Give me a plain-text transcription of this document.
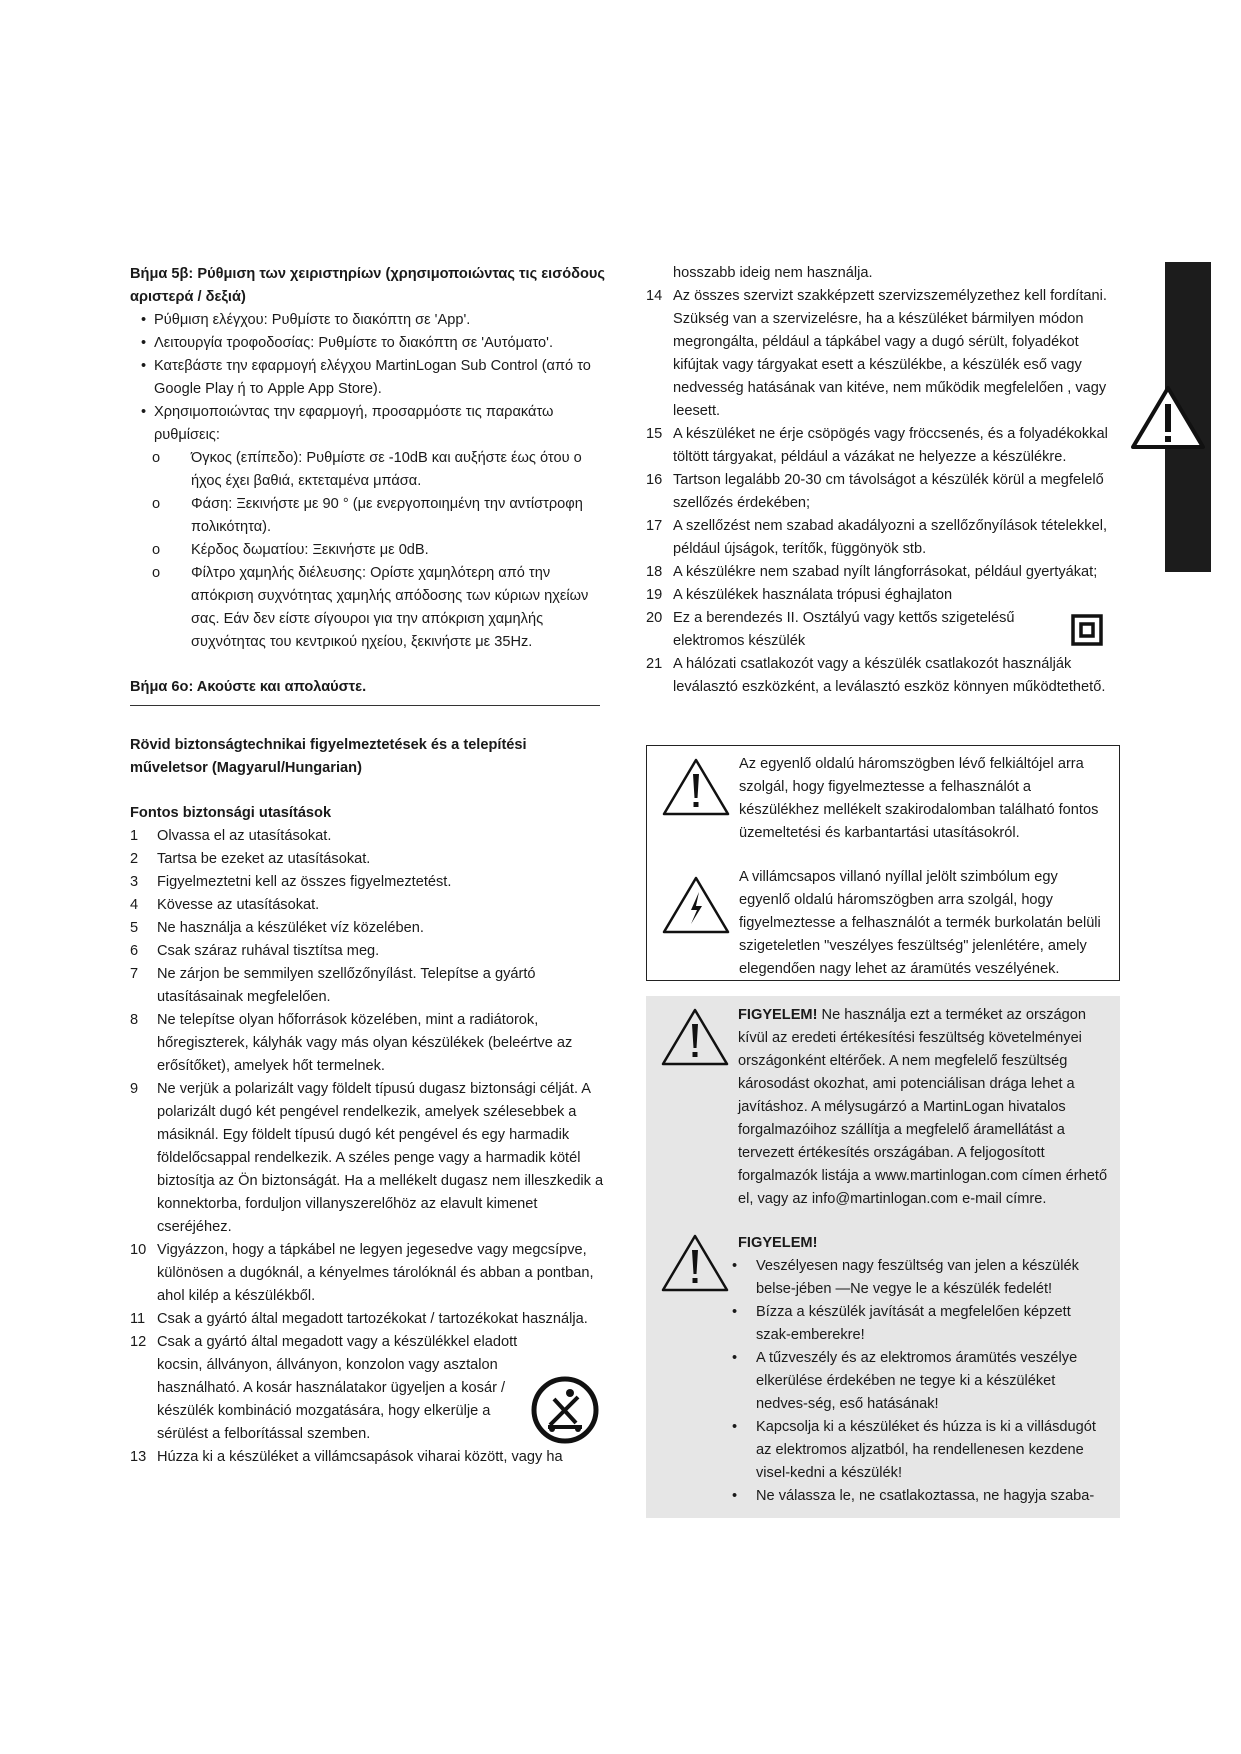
Βήμα 5β: Ρύθμιση των χειριστηρίων (χρησιμοποιώντας τις εισόδους αριστερά / δεξιά)

• Ρύθμιση ελέγχου: Ρυθμίστε το διακόπτη σε 'App'.

• Λειτουργία τροφοδοσίας: Ρυθμίστε το διακόπτη σε 'Αυτόματο'.

• Κατεβάστε την εφαρμογή ελέγχου MartinLogan Sub Control (από το Google Play ή το Apple App Store).

• Χρησιμοποιώντας την εφαρμογή, προσαρμόστε τις παρακάτω ρυθμίσεις:

o	Όγκος (επίπεδο): Ρυθμίστε σε -10dB και αυξήστε έως ότου ο ήχος έχει βαθιά, εκτεταμένα μπάσα.
o	Φάση: Ξεκινήστε με 90 ° (με ενεργοποιημένη την αντίστροφη πολικότητα).
o	Κέρδος δωματίου: Ξεκινήστε με 0dB.
o	Φίλτρο χαμηλής διέλευσης: Ορίστε χαμηλότερη από την απόκριση συχνότητας χαμηλής απόδοσης των κύριων ηχείων σας. Εάν δεν είστε σίγουροι για την απόκριση χαμηλής συχνότητας του κεντρικού ηχείου, ξεκινήστε με 35Hz.

Βήμα 6ο: Ακούστε και απολαύστε.

Rövid biztonságtechnikai figyelmeztetések és a telepítési műveletsor (Magyarul/Hungarian)

Fontos biztonsági utasítások

1	Olvassa el az utasításokat.
2	Tartsa be ezeket az utasításokat.
3	Figyelmeztetni kell az összes figyelmeztetést.
4	Kövesse az utasításokat.
5	Ne használja a készüléket víz közelében.
6	Csak száraz ruhával tisztítsa meg.
7	Ne zárjon be semmilyen szellőzőnyílást. Telepítse a gyártó utasításainak megfelelően.
8	Ne telepítse olyan hőforrások közelében, mint a radiátorok, hőregiszterek, kályhák vagy más olyan készülékek (beleértve az erősítőket), amelyek hőt termelnek.
9	Ne verjük a polarizált vagy földelt típusú dugasz biztonsági célját. A polarizált dugó két pengével rendelkezik, amelyek szélesebbek a másiknál. Egy földelt típusú dugó két pengével és egy harmadik földelőcsappal rendelkezik. A széles penge vagy a harmadik kötél biztosítja az Ön biztonságát. Ha a mellékelt dugasz nem illeszkedik a konnektorba, forduljon villanyszerelőhöz az elavult kimenet cseréjéhez.
10 Vigyázzon, hogy a tápkábel ne legyen jegesedve vagy megcsípve, különösen a dugóknál, a kényelmes tárolóknál és abban a pontban, ahol kilép a készülékből.
11 Csak a gyártó által megadott tartozékokat / tartozékokat használja.
12 Csak a gyártó által megadott vagy a készülékkel eladott kocsin, állványon, állványon, konzolon vagy asztalon használható. A kosár használatakor ügyeljen a kosár / készülék kombináció mozgatására, hogy elkerülje a sérülést a felborítással szemben.
13 Húzza ki a készüléket a villámcsapások viharai között, vagy ha

hosszabb ideig nem használja.

14 Az összes szervizt szakképzett szervizszemélyzethez kell fordítani. Szükség van a szervizelésre, ha a készüléket bármilyen módon megrongálta, például a tápkábel vagy a dugó sérült, folyadékot kifújtak vagy tárgyakat esett a készülékbe, a készülék eső vagy nedvesség hatásának van kitéve, nem működik megfelelően , vagy leesett.
15 A készüléket ne érje csöpögés vagy fröccsenés, és a folyadékokkal töltött tárgyakat, például a vázákat ne helyezze a készülékre.
16 Tartson legalább 20-30 cm távolságot a készülék körül a megfelelő szellőzés érdekében;
17 A szellőzést nem szabad akadályozni a szellőzőnyílások tételekkel, például újságok, terítők, függönyök stb.
18 A készülékre nem szabad nyílt lángforrásokat, például gyertyákat;
19 A készülékek használata trópusi éghajlaton
20 Ez a berendezés II. Osztályú vagy kettős szigetelésű elektromos készülék
21 A hálózati csatlakozót vagy a készülék csatlakozót használják leválasztó eszközként, a leválasztó eszköz könnyen működtethető.

Az egyenlő oldalú háromszögben lévő felkiáltójel arra szolgál, hogy figyelmeztesse a felhasználót a készülékhez mellékelt szakirodalomban található fontos üzemeltetési és karbantartási utasításokról.

A villámcsapos villanó nyíllal jelölt szimbólum egy egyenlő oldalú háromszögben arra szolgál, hogy figyelmeztesse a felhasználót a termék burkolatán belüli szigeteletlen "veszélyes feszültség" jelenlétére, amely elegendően nagy lehet az áramütés veszélyének.

FIGYELEM! Ne használja ezt a terméket az országon kívül az eredeti értékesítési feszültség követelményei országonként eltérőek. A nem megfelelő feszültség károsodást okozhat, ami potenciálisan drága lehet a javításhoz. A mélysugárzó a MartinLogan hivatalos forgalmazóihoz szállítja a megfelelő áramellátást a tervezett értékesítés országában. A feljogosított forgalmazók listája a www.martinlogan.com címen érhető el, vagy az info@martinlogan.com e-mail címre.

FIGYELEM!

•	Veszélyesen nagy feszültség van jelen a készülék belse-jében —Ne vegye le a készülék fedelét!
•	Bízza a készülék javítását a megfelelően képzett szak-emberekre!
•	A tűzveszély és az elektromos áramütés veszélye elkerülése érdekében ne tegye ki a készüléket nedves-ség, eső hatásának!
•	Kapcsolja ki a készüléket és húzza is ki a villásdugót az elektromos aljzatból, ha rendellenesen kezdene visel-kedni a készülék!
•	Ne válassza le, ne csatlakoztassa, ne hagyja szaba-
